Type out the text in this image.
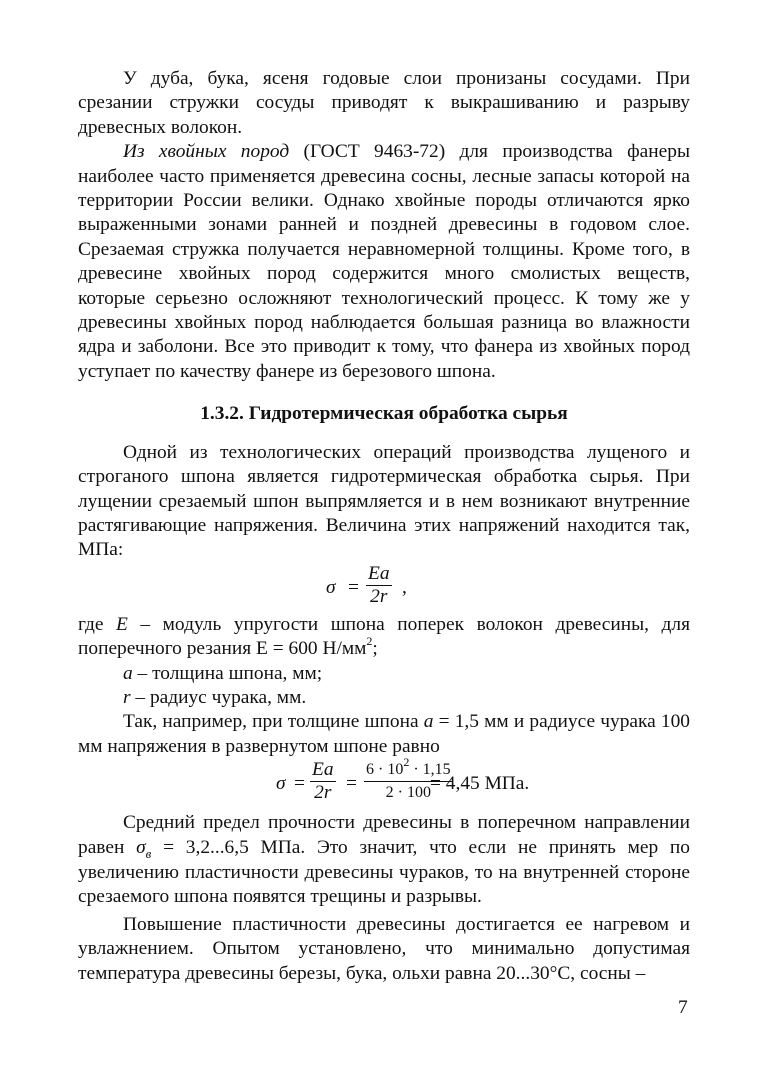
У дуба, бука, ясеня годовые слои пронизаны сосудами. При срезании стружки сосуды приводят к выкрашиванию и разрыву древесных волокон.

Из хвойных пород (ГОСТ 9463-72) для производства фанеры наиболее часто применяется древесина сосны, лесные запасы которой на территории России велики. Однако хвойные породы отличаются ярко выраженными зонами ранней и поздней древесины в годовом слое. Срезаемая стружка получается неравномерной толщины. Кроме того, в древесине хвойных пород содержится много смолистых веществ, которые серьезно осложняют технологический процесс. К тому же у древесины хвойных пород наблюдается большая разница во влажности ядра и заболони. Все это приводит к тому, что фанера из хвойных пород уступает по качеству фанере из березового шпона.

1.3.2. Гидротермическая обработка сырья

Одной из технологических операций производства лущеного и строганого шпона является гидротермическая обработка сырья. При лущении срезаемый шпон выпрямляется и в нем возникают внутренние растягивающие напряжения. Величина этих напряжений находится так, МПа:

$\sigma = \frac{Ea}{2r}$ ,

где E – модуль упругости шпона поперек волокон древесины, для поперечного резания Е = 600 $Н/мм^2$;

a – толщина шпона, мм;

r – радиус чурака, мм.

Так, например, при толщине шпона a = 1,5 мм и радиусе чурака 100 мм напряжения в развернутом шпоне равно

$\sigma = \frac{Ea}{2r} = \frac{6 \cdot 10^2 \cdot 1,15}{2 \cdot 100}$
= 4,45 МПа.

Средний предел прочности древесины в поперечном направлении равен $\sigma_в = 3,2...6,5$ МПа. Это значит, что если не принять мер по увеличению пластичности древесины чураков, то на внутренней стороне срезаемого шпона появятся трещины и разрывы.

Повышение пластичности древесины достигается ее нагревом и увлажнением. Опытом установлено, что минимально допустимая температура древесины березы, бука, ольхи равна 20...30°С, сосны –

7
